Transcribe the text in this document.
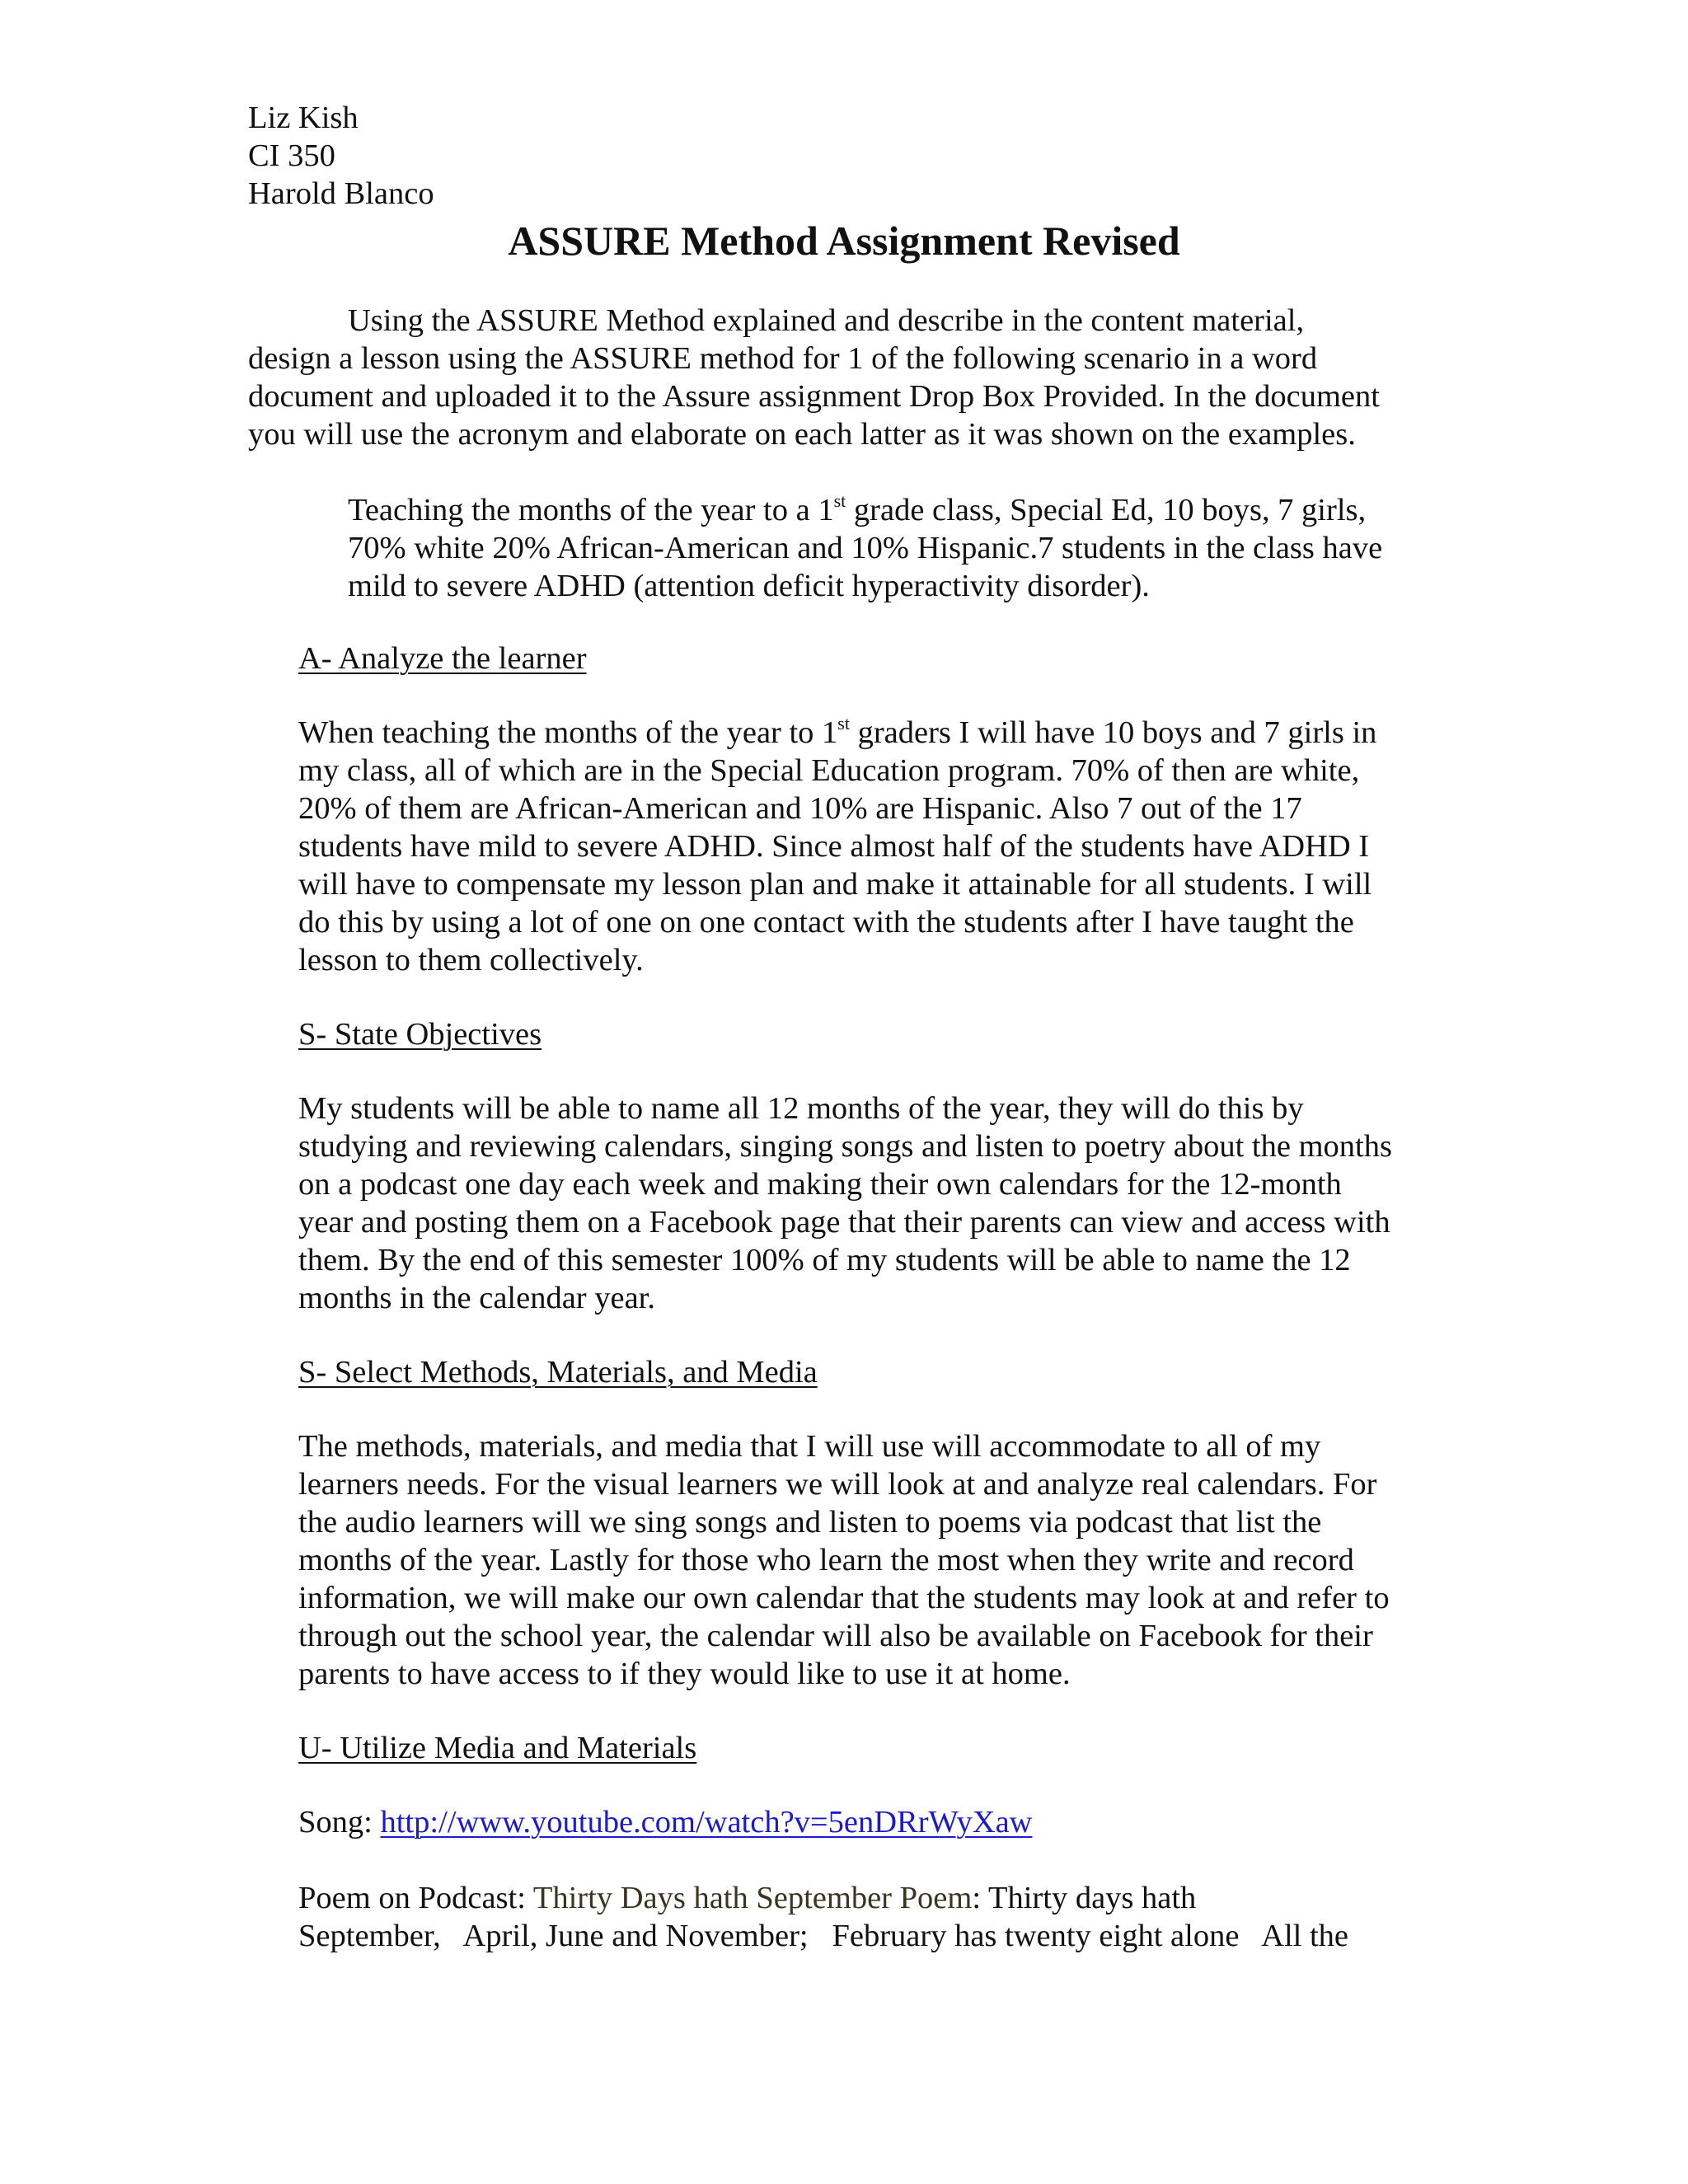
Liz Kish

CI 350

Harold Blanco

ASSURE Method Assignment Revised

Using the ASSURE Method explained and describe in the content material,

design a lesson using the ASSURE method for 1 of the following scenario in a word

document and uploaded it to the Assure assignment Drop Box Provided. In the document

you will use the acronym and elaborate on each latter as it was shown on the examples.

Teaching the months of the year to a 1st grade class, Special Ed, 10 boys, 7 girls,

70% white 20% African-American and 10% Hispanic.7 students in the class have

mild to severe ADHD (attention deficit hyperactivity disorder).

A- Analyze the learner

When teaching the months of the year to 1st graders I will have 10 boys and 7 girls in

my class, all of which are in the Special Education program. 70% of then are white,

20% of them are African-American and 10% are Hispanic. Also 7 out of the 17

students have mild to severe ADHD. Since almost half of the students have ADHD I

will have to compensate my lesson plan and make it attainable for all students. I will

do this by using a lot of one on one contact with the students after I have taught the

lesson to them collectively.

S- State Objectives

My students will be able to name all 12 months of the year, they will do this by

studying and reviewing calendars, singing songs and listen to poetry about the months

on a podcast one day each week and making their own calendars for the 12-month

year and posting them on a Facebook page that their parents can view and access with

them. By the end of this semester 100% of my students will be able to name the 12

months in the calendar year.

S- Select Methods, Materials, and Media

The methods, materials, and media that I will use will accommodate to all of my

learners needs. For the visual learners we will look at and analyze real calendars. For

the audio learners will we sing songs and listen to poems via podcast that list the

months of the year. Lastly for those who learn the most when they write and record

information, we will make our own calendar that the students may look at and refer to

through out the school year, the calendar will also be available on Facebook for their

parents to have access to if they would like to use it at home.

U- Utilize Media and Materials

Song: http://www.youtube.com/watch?v=5enDRrWyXaw

Poem on Podcast: Thirty Days hath September Poem: Thirty days hath

September,   April, June and November;   February has twenty eight alone   All the
